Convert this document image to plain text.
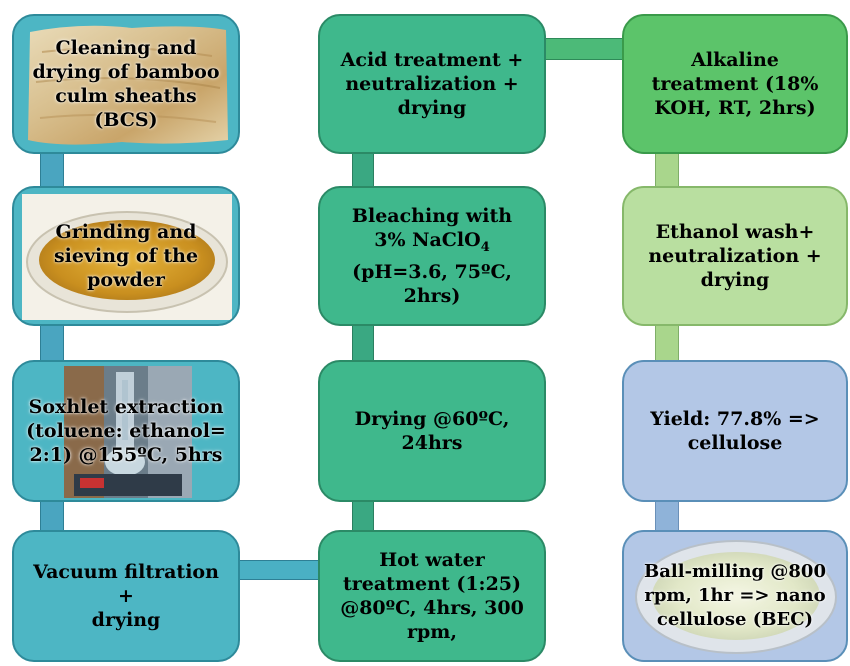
Cleaning and drying of bamboo culm sheaths (BCS)
Grinding and sieving of the powder
Soxhlet extraction (toluene: ethanol= 2:1) @155ºC, 5hrs
Vacuum filtration
+
drying
Acid treatment + neutralization + drying
Bleaching with 3% NaClO$_4$ (pH=3.6, 75ºC, 2hrs)
Drying @60ºC, 24hrs
Hot water treatment (1:25) @80ºC, 4hrs, 300 rpm,
Alkaline treatment (18% KOH, RT, 2hrs)
Ethanol wash+ neutralization + drying
Yield: 77.8% => cellulose
Ball-milling @800 rpm, 1hr => nano cellulose (BEC)
